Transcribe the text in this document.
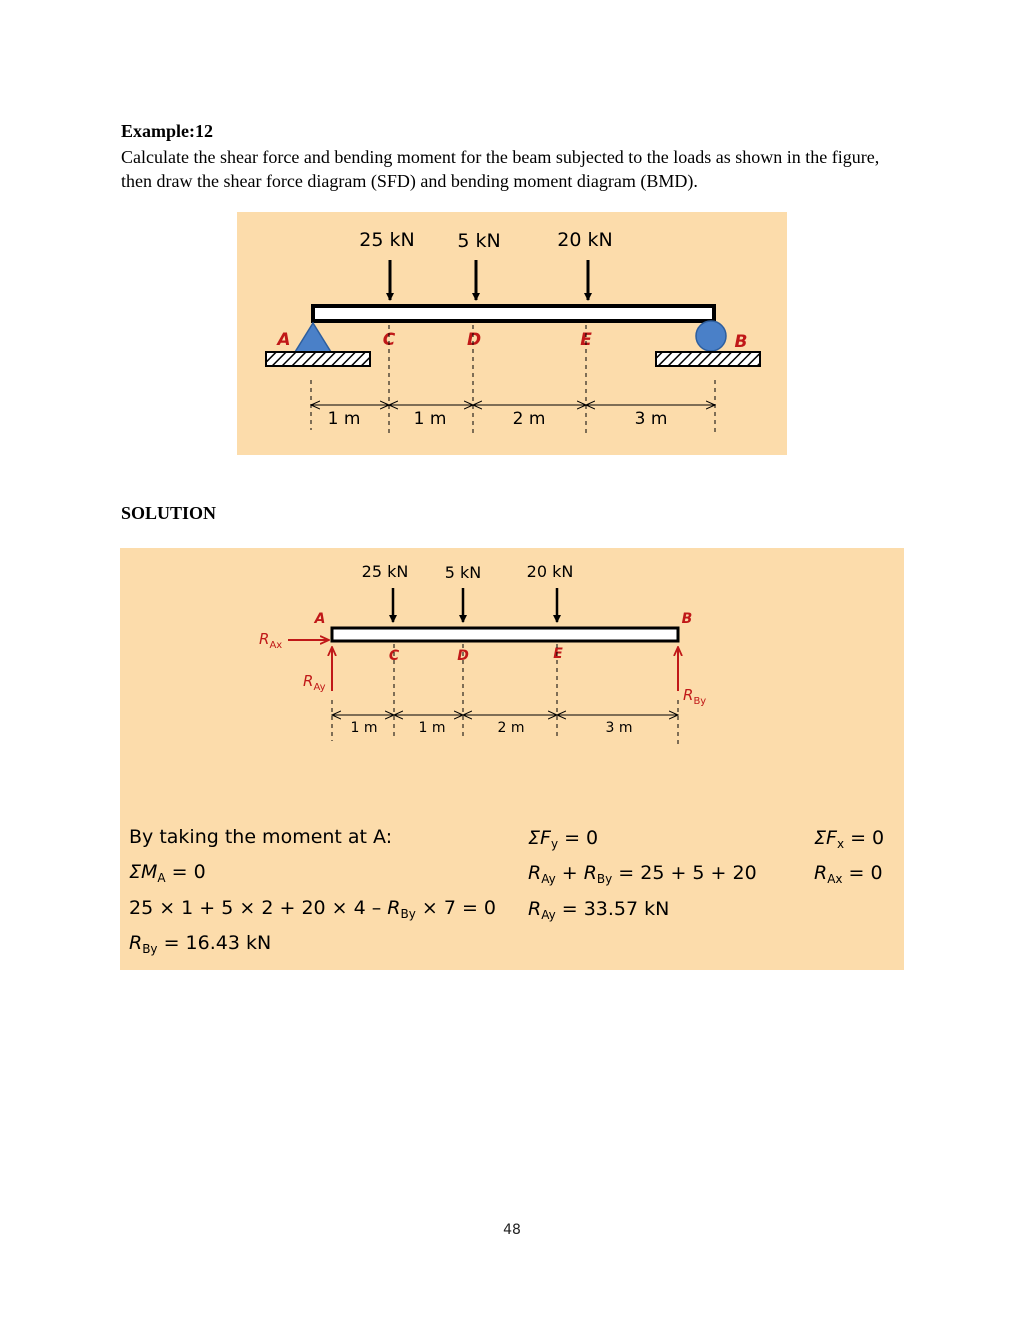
Example:12
Calculate the shear force and bending moment for the beam subjected to the loads as shown in the figure, then draw the shear force diagram (SFD) and bending moment diagram (BMD).
25 kN 5 kN	20 kN
A	C	D	E	B
1 m	1 m	2 m	3 m
SOLUTION
25 kN 5 kN	20 kN
A
C	D	E
B
$R_{Ax}$
$R_{Ay}$	$R_{By}$
1 m	1 m	2 m	3 m
By taking the moment at A:
$\Sigma M_A = 0$
$25 \times 1 + 5 \times 2 + 20 \times 4 - R_{By} \times 7 = 0$
$R_{By} = 16.43$ kN
$\Sigma F_y = 0$
$R_{Ay} + R_{By} = 25 + 5 + 20$
$R_{Ay} = 33.57$ kN
$\Sigma F_x = 0$
$R_{Ax} = 0$
48
